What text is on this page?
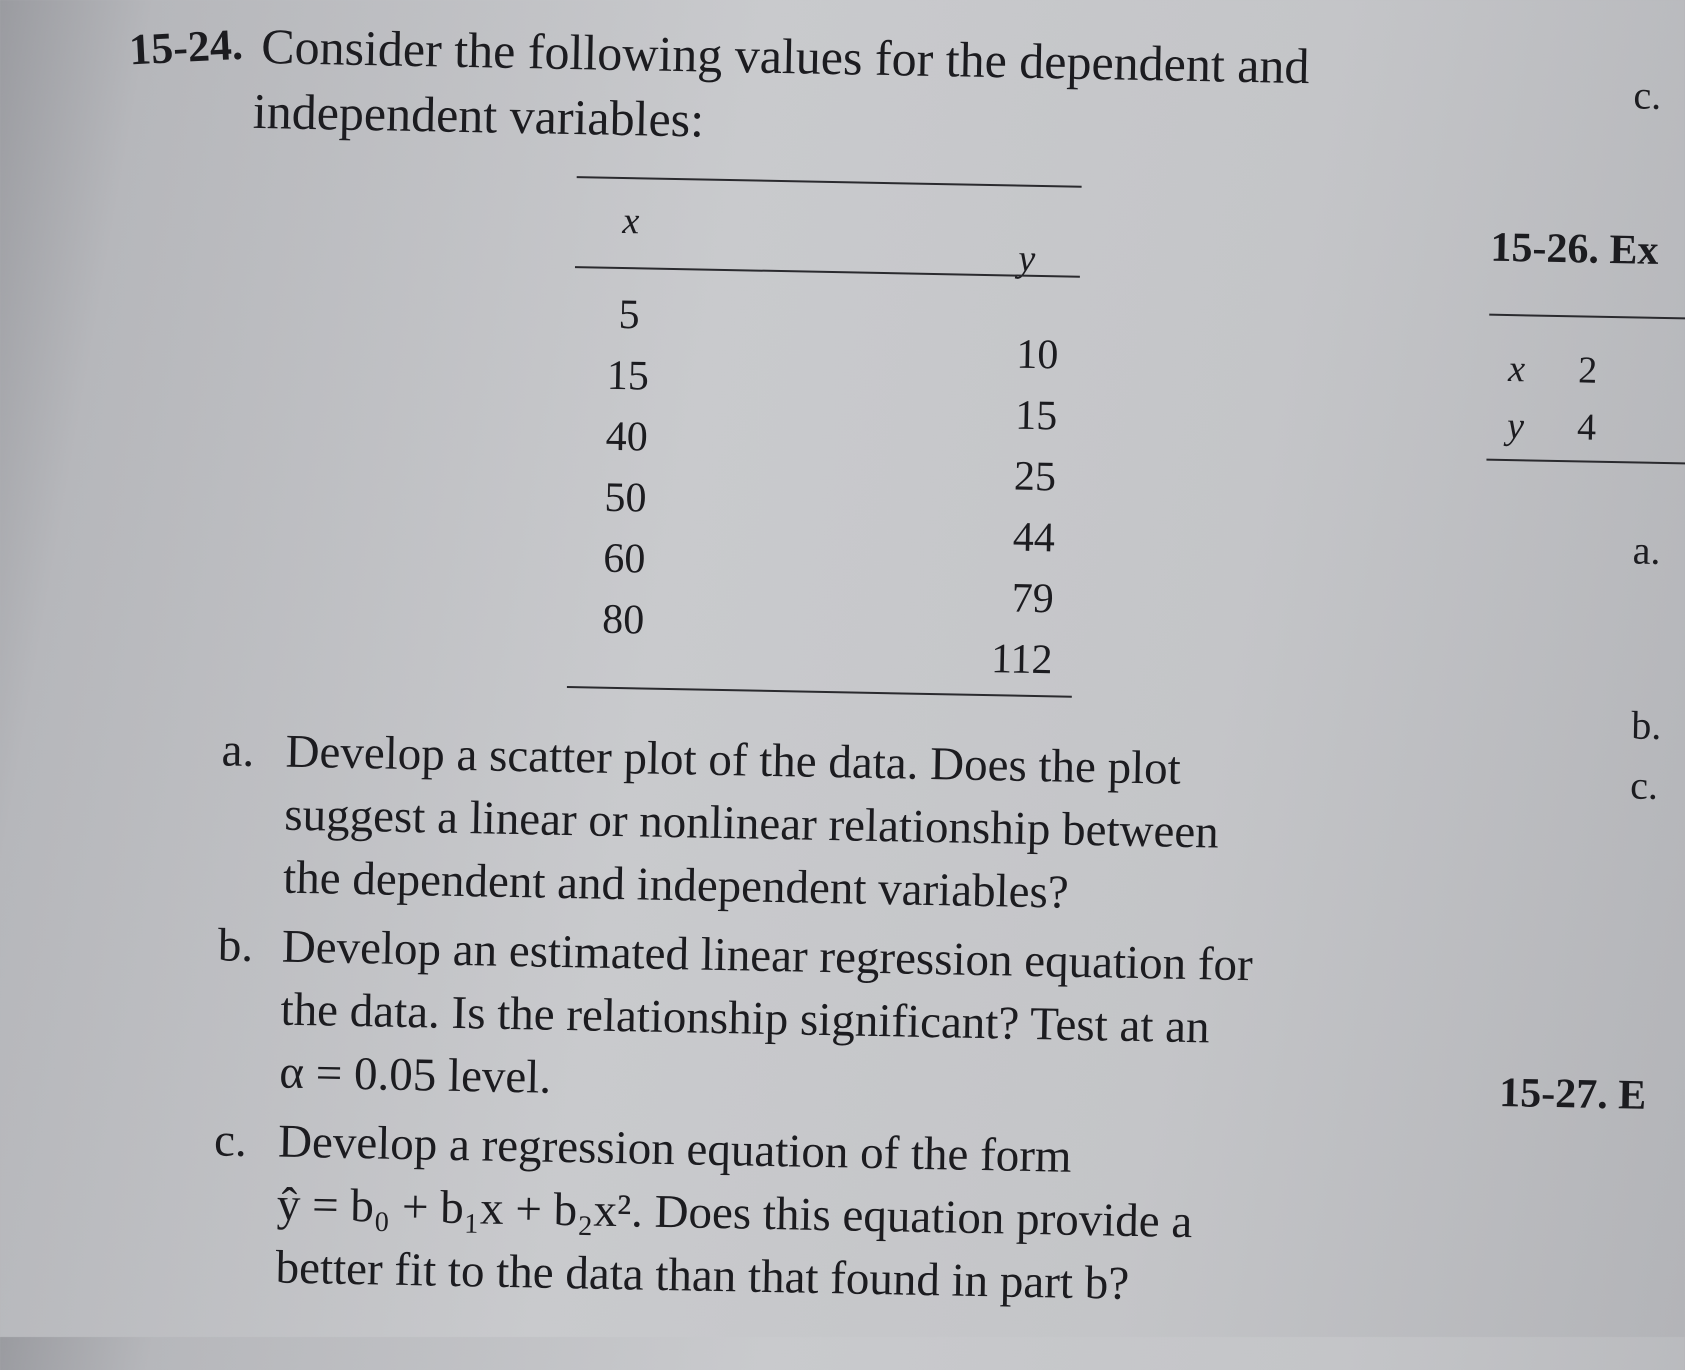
15-24. Consider the following values for the dependent and
independent variables:
x
y
5
15
40
50
60
80
10
15
25
44
79
112
a. Develop a scatter plot of the data. Does the plot
suggest a linear or nonlinear relationship between
the dependent and independent variables?
b. Develop an estimated linear regression equation for
the data. Is the relationship significant? Test at an
α = 0.05 level.
c. Develop a regression equation of the form
ŷ = b₀ + b₁x + b₂x². Does this equation provide a
better fit to the data than that found in part b?
c.
15-26. Ex
x 2
y 4
a.
b.
c.
15-27. E
